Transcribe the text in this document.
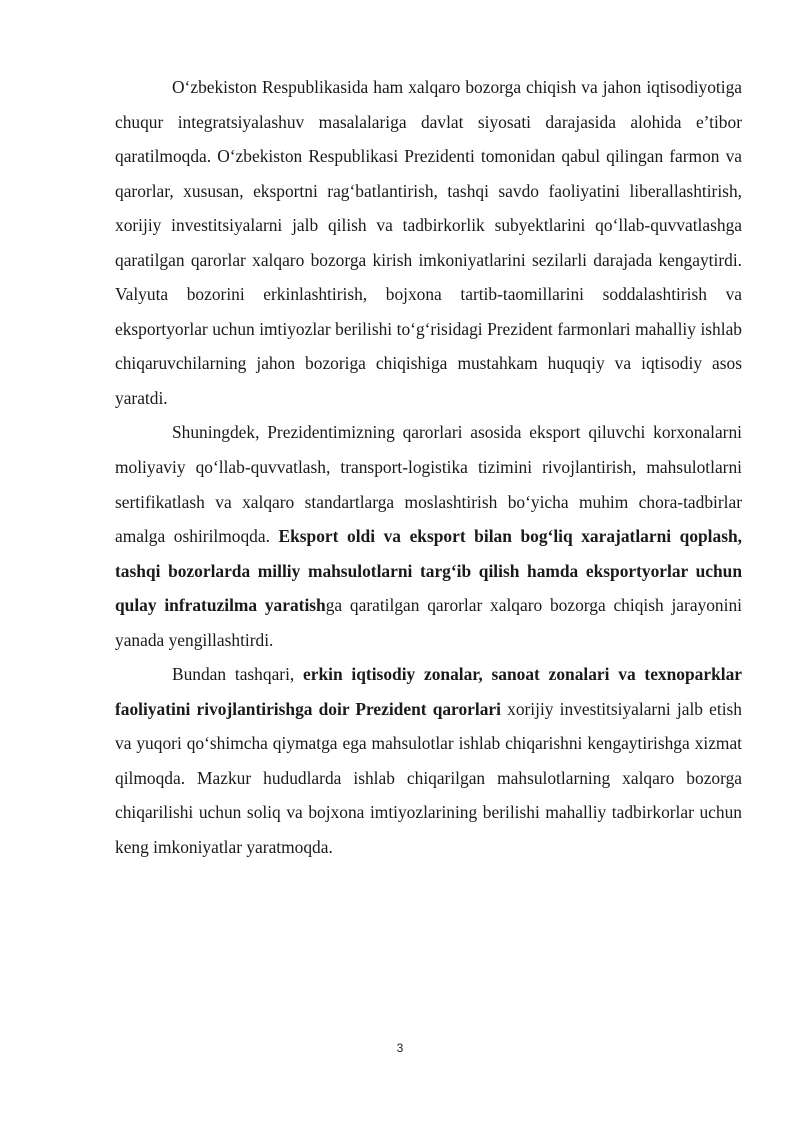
O‘zbekiston Respublikasida ham xalqaro bozorga chiqish va jahon iqtisodiyotiga chuqur integratsiyalashuv masalalariga davlat siyosati darajasida alohida e’tibor qaratilmoqda. O‘zbekiston Respublikasi Prezidenti tomonidan qabul qilingan farmon va qarorlar, xususan, eksportni rag‘batlantirish, tashqi savdo faoliyatini liberallashtirish, xorijiy investitsiyalarni jalb qilish va tadbirkorlik subyektlarini qo‘llab-quvvatlashga qaratilgan qarorlar xalqaro bozorga kirish imkoniyatlarini sezilarli darajada kengaytirdi. Valyuta bozorini erkinlashtirish, bojxona tartib-taomillarini soddalashtirish va eksportyorlar uchun imtiyozlar berilishi to‘g‘risidagi Prezident farmonlari mahalliy ishlab chiqaruvchilarning jahon bozoriga chiqishiga mustahkam huquqiy va iqtisodiy asos yaratdi.

Shuningdek, Prezidentimizning qarorlari asosida eksport qiluvchi korxonalarni moliyaviy qo‘llab-quvvatlash, transport-logistika tizimini rivojlantirish, mahsulotlarni sertifikatlash va xalqaro standartlarga moslashtirish bo‘yicha muhim chora-tadbirlar amalga oshirilmoqda. Eksport oldi va eksport bilan bog‘liq xarajatlarni qoplash, tashqi bozorlarda milliy mahsulotlarni targ‘ib qilish hamda eksportyorlar uchun qulay infratuzilma yaratishga qaratilgan qarorlar xalqaro bozorga chiqish jarayonini yanada yengillashtirdi.

Bundan tashqari, erkin iqtisodiy zonalar, sanoat zonalari va texnoparklar faoliyatini rivojlantirishga doir Prezident qarorlari xorijiy investitsiyalarni jalb etish va yuqori qo‘shimcha qiymatga ega mahsulotlar ishlab chiqarishni kengaytirishga xizmat qilmoqda. Mazkur hududlarda ishlab chiqarilgan mahsulotlarning xalqaro bozorga chiqarilishi uchun soliq va bojxona imtiyozlarining berilishi mahalliy tadbirkorlar uchun keng imkoniyatlar yaratmoqda.

3
